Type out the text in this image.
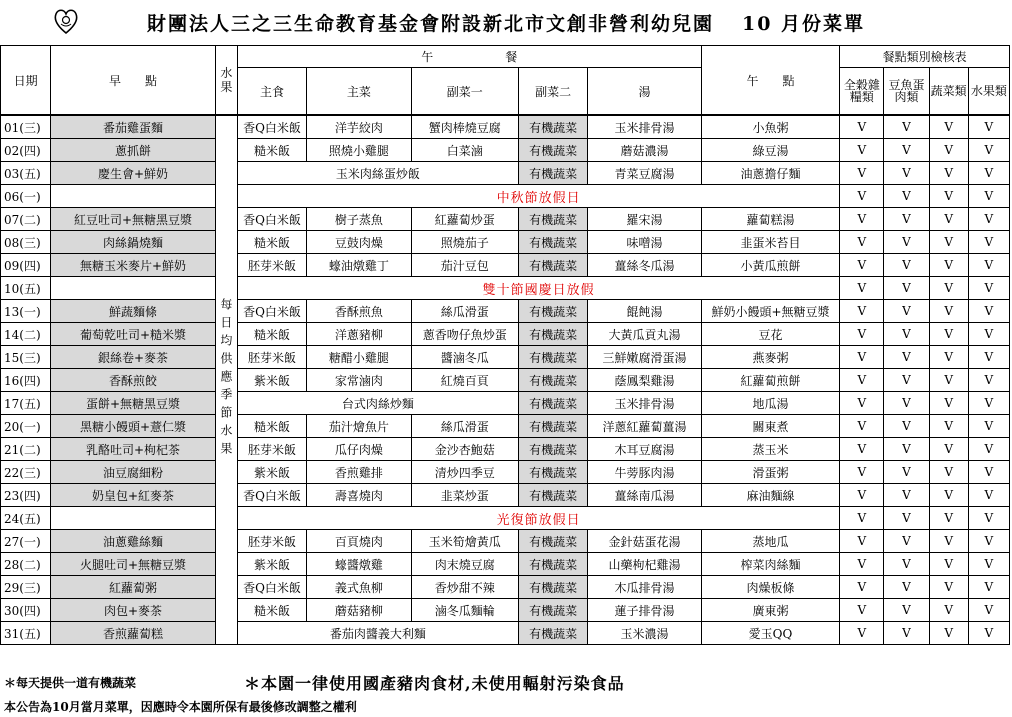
財團法人三之三生命教育基金會附設新北市文創非營利幼兒園 10 月份菜單
日期	早　　點	水果	午　　　　　　餐					午　　點	餐點類別檢核表			
			主食	主菜	副菜一	副菜二	湯		全穀雜糧類	豆魚蛋肉類	蔬菜類	水果類
01(三)	番茄雞蛋麵	每日均供應季節水果	香Q白米飯	洋芋絞肉	蟹肉棒燒豆腐	有機蔬菜	玉米排骨湯	小魚粥	V	V	V	V
02(四)	蔥抓餅		糙米飯	照燒小雞腿	白菜滷	有機蔬菜	蘑菇濃湯	綠豆湯	V	V	V	V
03(五)	慶生會+鮮奶		玉米肉絲蛋炒飯			有機蔬菜	青菜豆腐湯	油蔥擔仔麵	V	V	V	V
06(一)			中秋節放假日						V	V	V	V
07(二)	紅豆吐司+無糖黑豆漿		香Q白米飯	樹子蒸魚	紅蘿蔔炒蛋	有機蔬菜	羅宋湯	蘿蔔糕湯	V	V	V	V
08(三)	肉絲鍋燒麵		糙米飯	豆鼓肉燥	照燒茄子	有機蔬菜	味噌湯	韭蛋米苔目	V	V	V	V
09(四)	無糖玉米麥片+鮮奶		胚芽米飯	蠔油燉雞丁	茄汁豆包	有機蔬菜	薑絲冬瓜湯	小黃瓜煎餅	V	V	V	V
10(五)			雙十節國慶日放假						V	V	V	V
13(一)	鮮蔬麵條		香Q白米飯	香酥煎魚	絲瓜滑蛋	有機蔬菜	餛飩湯	鮮奶小饅頭+無糖豆漿	V	V	V	V
14(二)	葡萄乾吐司+糙米漿		糙米飯	洋蔥豬柳	蔥香吻仔魚炒蛋	有機蔬菜	大黃瓜貢丸湯	豆花	V	V	V	V
15(三)	銀絲卷+麥茶		胚芽米飯	糖醋小雞腿	醬滷冬瓜	有機蔬菜	三鮮嫩腐滑蛋湯	燕麥粥	V	V	V	V
16(四)	香酥煎餃		紫米飯	家常滷肉	紅燒百頁	有機蔬菜	蔭鳳梨雞湯	紅蘿蔔煎餅	V	V	V	V
17(五)	蛋餅+無糖黑豆漿		台式肉絲炒麵			有機蔬菜	玉米排骨湯	地瓜湯	V	V	V	V
20(一)	黑糖小饅頭+薏仁漿		糙米飯	茄汁燴魚片	絲瓜滑蛋	有機蔬菜	洋蔥紅蘿蔔薑湯	關東煮	V	V	V	V
21(二)	乳酪吐司+枸杞茶		胚芽米飯	瓜仔肉燥	金沙杏鮑菇	有機蔬菜	木耳豆腐湯	蒸玉米	V	V	V	V
22(三)	油豆腐細粉		紫米飯	香煎雞排	清炒四季豆	有機蔬菜	牛蒡豚肉湯	滑蛋粥	V	V	V	V
23(四)	奶皇包+紅麥茶		香Q白米飯	壽喜燒肉	韭菜炒蛋	有機蔬菜	薑絲南瓜湯	麻油麵線	V	V	V	V
24(五)			光復節放假日						V	V	V	V
27(一)	油蔥雞絲麵		胚芽米飯	百頁燒肉	玉米筍燴黃瓜	有機蔬菜	金針菇蛋花湯	蒸地瓜	V	V	V	V
28(二)	火腿吐司+無糖豆漿		紫米飯	蠔醬燉雞	肉末燒豆腐	有機蔬菜	山藥枸杞雞湯	榨菜肉絲麵	V	V	V	V
29(三)	紅蘿蔔粥		香Q白米飯	義式魚柳	香炒甜不辣	有機蔬菜	木瓜排骨湯	肉燥板條	V	V	V	V
30(四)	肉包+麥茶		糙米飯	蘑菇豬柳	滷冬瓜麵輪	有機蔬菜	蓮子排骨湯	廣東粥	V	V	V	V
31(五)	香煎蘿蔔糕		番茄肉醬義大利麵			有機蔬菜	玉米濃湯	愛玉QQ	V	V	V	V
＊每天提供一道有機蔬菜	＊本園一律使用國產豬肉食材,未使用輻射污染食品
本公告為10月當月菜單，因應時令本園所保有最後修改調整之權利
